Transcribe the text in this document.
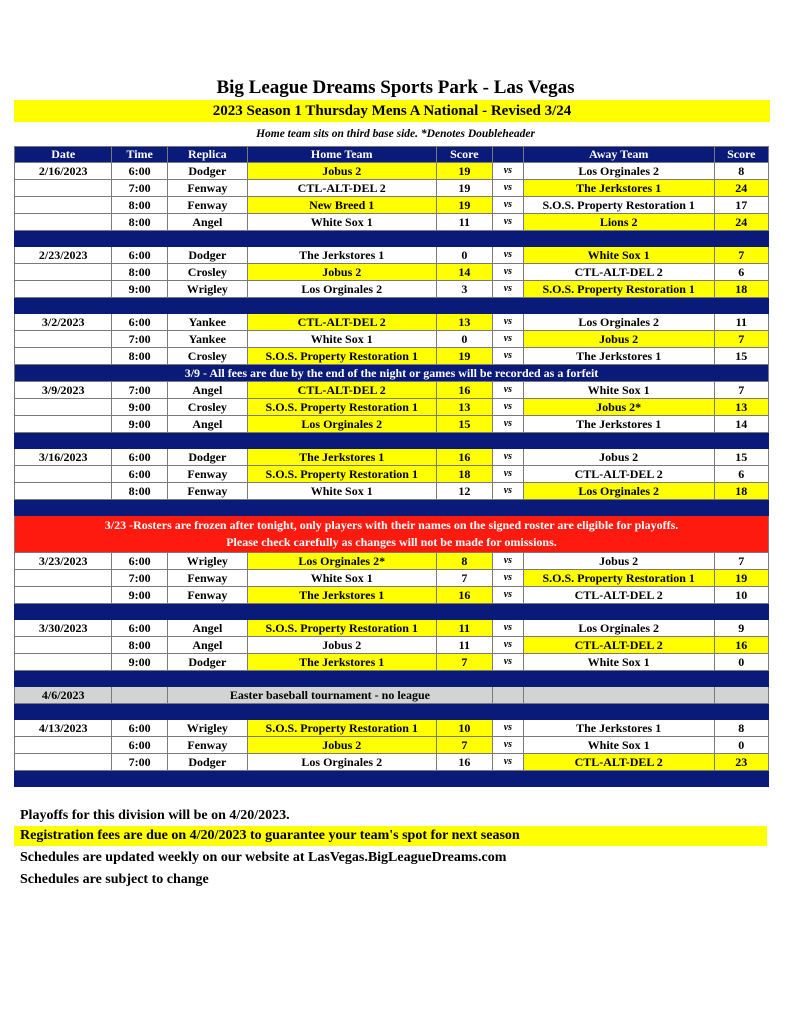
Big League Dreams Sports Park - Las Vegas
2023 Season 1 Thursday Mens A National - Revised 3/24
Home team sits on third base side. *Denotes Doubleheader
Date	Time	Replica	Home Team	Score		Away Team	Score
2/16/2023	6:00	Dodger	Jobus 2	19	vs	Los Orginales 2	8
	7:00	Fenway	CTL-ALT-DEL 2	19	vs	The Jerkstores 1	24
	8:00	Fenway	New Breed 1	19	vs	S.O.S. Property Restoration 1	17
	8:00	Angel	White Sox 1	11	vs	Lions 2	24

2/23/2023	6:00	Dodger	The Jerkstores 1	0	vs	White Sox 1	7
	8:00	Crosley	Jobus 2	14	vs	CTL-ALT-DEL 2	6
	9:00	Wrigley	Los Orginales 2	3	vs	S.O.S. Property Restoration 1	18

3/2/2023	6:00	Yankee	CTL-ALT-DEL 2	13	vs	Los Orginales 2	11
	7:00	Yankee	White Sox 1	0	vs	Jobus 2	7
	8:00	Crosley	S.O.S. Property Restoration 1	19	vs	The Jerkstores 1	15
3/9 - All fees are due by the end of the night or games will be recorded as a forfeit							
3/9/2023	7:00	Angel	CTL-ALT-DEL 2	16	vs	White Sox 1	7
	9:00	Crosley	S.O.S. Property Restoration 1	13	vs	Jobus 2*	13
	9:00	Angel	Los Orginales 2	15	vs	The Jerkstores 1	14

3/16/2023	6:00	Dodger	The Jerkstores 1	16	vs	Jobus 2	15
	6:00	Fenway	S.O.S. Property Restoration 1	18	vs	CTL-ALT-DEL 2	6
	8:00	Fenway	White Sox 1	12	vs	Los Orginales 2	18

3/23 -Rosters are frozen after tonight, only players with their names on the signed roster are eligible for playoffs.
Please check carefully as changes will not be made for omissions.							

3/23/2023	6:00	Wrigley	Los Orginales 2*	8	vs	Jobus 2	7
	7:00	Fenway	White Sox 1	7	vs	S.O.S. Property Restoration 1	19
	9:00	Fenway	The Jerkstores 1	16	vs	CTL-ALT-DEL 2	10

3/30/2023	6:00	Angel	S.O.S. Property Restoration 1	11	vs	Los Orginales 2	9
	8:00	Angel	Jobus 2	11	vs	CTL-ALT-DEL 2	16
	9:00	Dodger	The Jerkstores 1	7	vs	White Sox 1	0

4/6/2023		Easter baseball tournament - no league					

4/13/2023	6:00	Wrigley	S.O.S. Property Restoration 1	10	vs	The Jerkstores 1	8
	6:00	Fenway	Jobus 2	7	vs	White Sox 1	0
	7:00	Dodger	Los Orginales 2	16	vs	CTL-ALT-DEL 2	23

Playoffs for this division will be on 4/20/2023.
Registration fees are due on 4/20/2023 to guarantee your team's spot for next season
Schedules are updated weekly on our website at LasVegas.BigLeagueDreams.com
Schedules are subject to change
